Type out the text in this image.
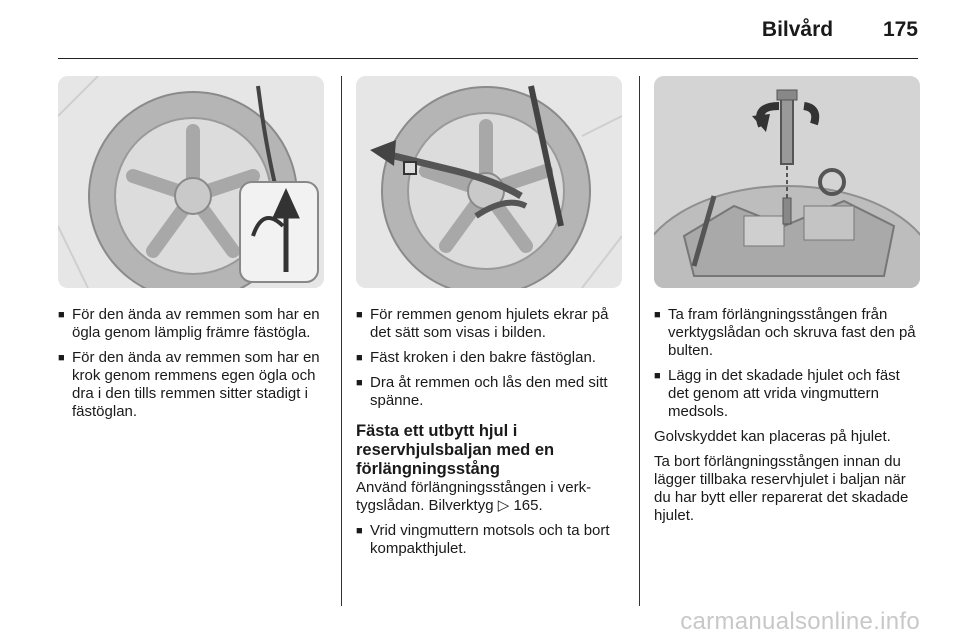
Bilvård 175
■ För den ända av remmen som har en ögla genom lämplig främre fästögla.
■ För den ända av remmen som har en krok genom remmens egen ögla och dra i den tills remmen sitter stadigt i fästöglan.
■ För remmen genom hjulets ekrar på det sätt som visas i bilden.
■ Fäst kroken i den bakre fästöglan.
■ Dra åt remmen och lås den med sitt spänne.
Fästa ett utbytt hjul i reservhjulsbaljan med en förlängningsstång

Använd förlängningsstången i verktygslådan. Bilverktyg ▷ 165.

■ Vrid vingmuttern motsols och ta bort kompakthjulet.
■ Ta fram förlängningsstången från verktygslådan och skruva fast den på bulten.
■ Lägg in det skadade hjulet och fäst det genom att vrida vingmuttern medsols.

Golvskyddet kan placeras på hjulet.

Ta bort förlängningsstången innan du lägger tillbaka reservhjulet i baljan när du har bytt eller reparerat det skadade hjulet.

carmanualsonline.info
